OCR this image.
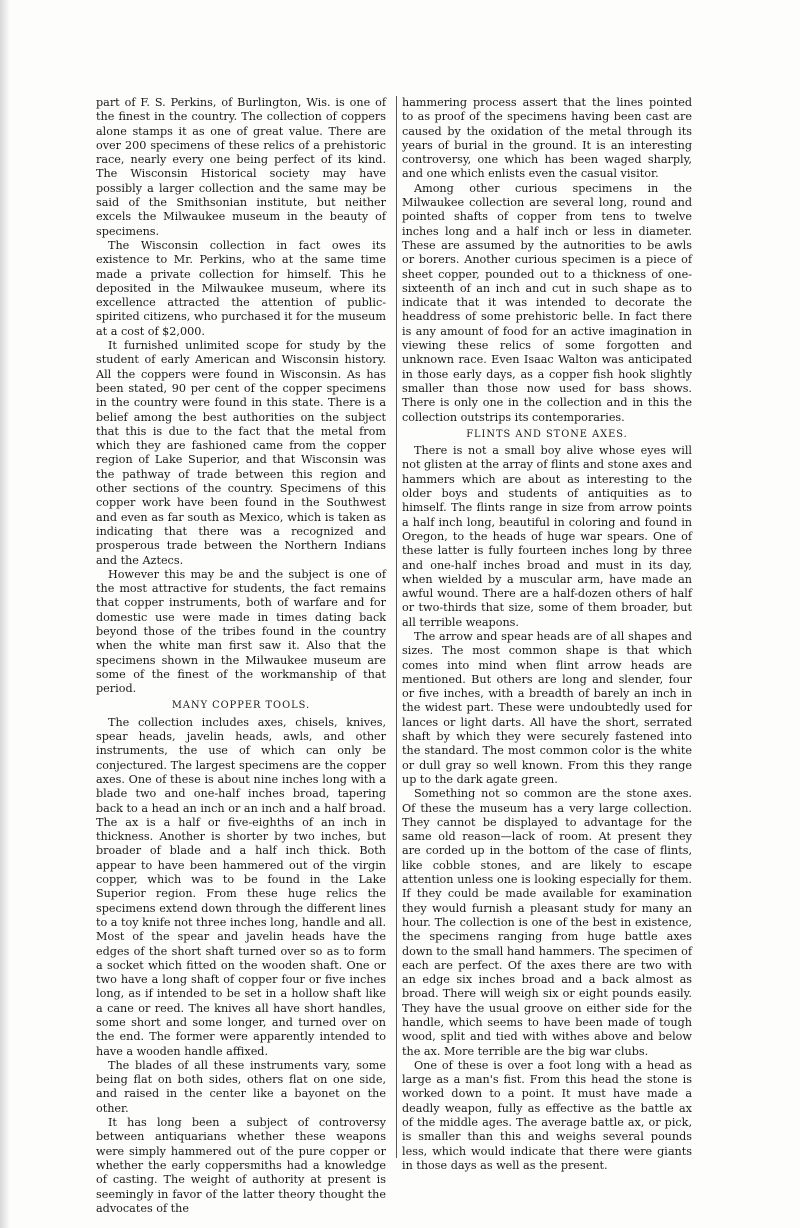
part of F. S. Perkins, of Burlington, Wis. is one of the finest in the country. The collection of coppers alone stamps it as one of great value. There are over 200 specimens of these relics of a prehistoric race, nearly every one being perfect of its kind. The Wisconsin Historical society may have possibly a larger collection and the same may be said of the Smithsonian institute, but neither excels the Milwaukee museum in the beauty of specimens.

The Wisconsin collection in fact owes its existence to Mr. Perkins, who at the same time made a private collection for himself. This he deposited in the Milwaukee museum, where its excellence attracted the attention of public-spirited citizens, who purchased it for the museum at a cost of $2,000.

It furnished unlimited scope for study by the student of early American and Wisconsin history. All the coppers were found in Wisconsin. As has been stated, 90 per cent of the copper specimens in the country were found in this state. There is a belief among the best authorities on the subject that this is due to the fact that the metal from which they are fashioned came from the copper region of Lake Superior, and that Wisconsin was the pathway of trade between this region and other sections of the country. Specimens of this copper work have been found in the Southwest and even as far south as Mexico, which is taken as indicating that there was a recognized and prosperous trade between the Northern Indians and the Aztecs.

However this may be and the subject is one of the most attractive for students, the fact remains that copper instruments, both of warfare and for domestic use were made in times dating back beyond those of the tribes found in the country when the white man first saw it. Also that the specimens shown in the Milwaukee museum are some of the finest of the workmanship of that period.

MANY COPPER TOOLS.

The collection includes axes, chisels, knives, spear heads, javelin heads, awls, and other instruments, the use of which can only be conjectured. The largest specimens are the copper axes. One of these is about nine inches long with a blade two and one-half inches broad, tapering back to a head an inch or an inch and a half broad. The ax is a half or five-eighths of an inch in thickness. Another is shorter by two inches, but broader of blade and a half inch thick. Both appear to have been hammered out of the virgin copper, which was to be found in the Lake Superior region. From these huge relics the specimens extend down through the different lines to a toy knife not three inches long, handle and all. Most of the spear and javelin heads have the edges of the short shaft turned over so as to form a socket which fitted on the wooden shaft. One or two have a long shaft of copper four or five inches long, as if intended to be set in a hollow shaft like a cane or reed. The knives all have short handles, some short and some longer, and turned over on the end. The former were apparently intended to have a wooden handle affixed.

The blades of all these instruments vary, some being flat on both sides, others flat on one side, and raised in the center like a bayonet on the other.

It has long been a subject of controversy between antiquarians whether these weapons were simply hammered out of the pure copper or whether the early coppersmiths had a knowledge of casting. The weight of authority at present is seemingly in favor of the latter theory thought the advocates of the

hammering process assert that the lines pointed to as proof of the specimens having been cast are caused by the oxidation of the metal through its years of burial in the ground. It is an interesting controversy, one which has been waged sharply, and one which enlists even the casual visitor.

Among other curious specimens in the Milwaukee collection are several long, round and pointed shafts of copper from tens to twelve inches long and a half inch or less in diameter. These are assumed by the autnorities to be awls or borers. Another curious specimen is a piece of sheet copper, pounded out to a thickness of one-sixteenth of an inch and cut in such shape as to indicate that it was intended to decorate the headdress of some prehistoric belle. In fact there is any amount of food for an active imagination in viewing these relics of some forgotten and unknown race. Even Isaac Walton was anticipated in those early days, as a copper fish hook slightly smaller than those now used for bass shows. There is only one in the collection and in this the collection outstrips its contemporaries.

FLINTS AND STONE AXES.

There is not a small boy alive whose eyes will not glisten at the array of flints and stone axes and hammers which are about as interesting to the older boys and students of antiquities as to himself. The flints range in size from arrow points a half inch long, beautiful in coloring and found in Oregon, to the heads of huge war spears. One of these latter is fully fourteen inches long by three and one-half inches broad and must in its day, when wielded by a muscular arm, have made an awful wound. There are a half-dozen others of half or two-thirds that size, some of them broader, but all terrible weapons.

The arrow and spear heads are of all shapes and sizes. The most common shape is that which comes into mind when flint arrow heads are mentioned. But others are long and slender, four or five inches, with a breadth of barely an inch in the widest part. These were undoubtedly used for lances or light darts. All have the short, serrated shaft by which they were securely fastened into the standard. The most common color is the white or dull gray so well known. From this they range up to the dark agate green.

Something not so common are the stone axes. Of these the museum has a very large collection. They cannot be displayed to advantage for the same old reason—lack of room. At present they are corded up in the bottom of the case of flints, like cobble stones, and are likely to escape attention unless one is looking especially for them. If they could be made available for examination they would furnish a pleasant study for many an hour. The collection is one of the best in existence, the specimens ranging from huge battle axes down to the small hand hammers. The specimen of each are perfect. Of the axes there are two with an edge six inches broad and a back almost as broad. There will weigh six or eight pounds easily. They have the usual groove on either side for the handle, which seems to have been made of tough wood, split and tied with withes above and below the ax. More terrible are the big war clubs.

One of these is over a foot long with a head as large as a man's fist. From this head the stone is worked down to a point. It must have made a deadly weapon, fully as effective as the battle ax of the middle ages. The average battle ax, or pick, is smaller than this and weighs several pounds less, which would indicate that there were giants in those days as well as the present.
